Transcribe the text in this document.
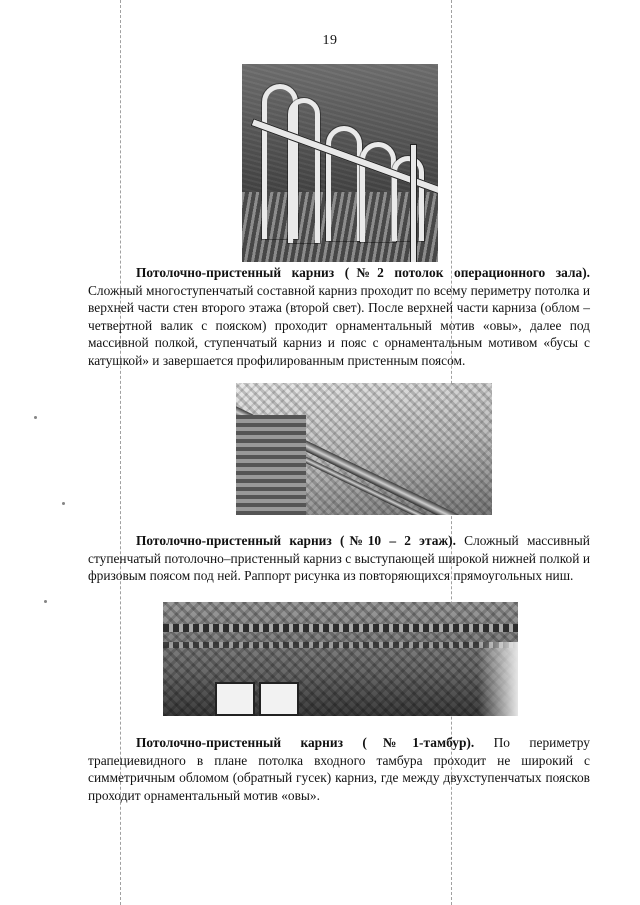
19
Потолочно-пристенный карниз (№2 потолок операционного зала). Сложный многоступенчатый составной карниз проходит по всему периметру потолка и верхней части стен второго этажа (второй свет). После верхней части карниза (облом – четвертной валик с пояском) проходит орнаментальный мотив «овы», далее под массивной полкой, ступенчатый карниз и пояс с орнаментальным мотивом «бусы с катушкой» и завершается профилированным пристенным поясом.
Потолочно-пристенный карниз (№10 – 2 этаж). Сложный массивный ступенчатый потолочно–пристенный карниз с выступающей широкой нижней полкой и фризовым поясом под ней. Раппорт рисунка из повторяющихся прямоугольных ниш.
Потолочно-пристенный карниз (№1-тамбур). По периметру трапециевидного в плане потолка входного тамбура проходит не широкий с симметричным обломом (обратный гусек) карниз, где между двухступенчатых поясков проходит орнаментальный мотив «овы».
